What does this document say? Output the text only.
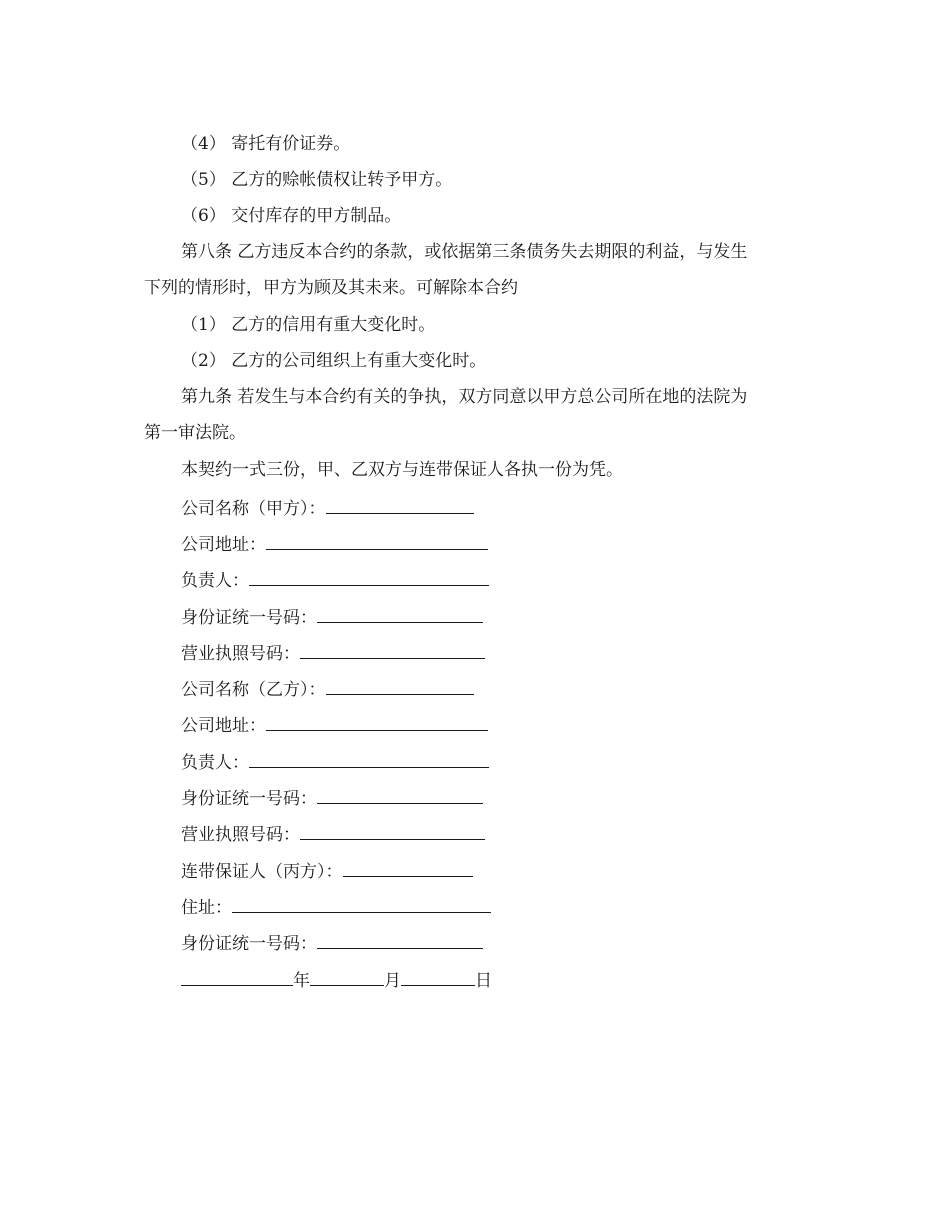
（4） 寄托有价证券。
（5） 乙方的赊帐债权让转予甲方。
（6） 交付库存的甲方制品。
第八条 乙方违反本合约的条款，或依据第三条债务失去期限的利益，与发生
下列的情形时，甲方为顾及其未来。可解除本合约
（1） 乙方的信用有重大变化时。
（2） 乙方的公司组织上有重大变化时。
第九条 若发生与本合约有关的争执，双方同意以甲方总公司所在地的法院为
第一审法院。
本契约一式三份，甲、乙双方与连带保证人各执一份为凭。
公司名称（甲方）：
公司地址：
负责人：
身份证统一号码：
营业执照号码：
公司名称（乙方）：
公司地址：
负责人：
身份证统一号码：
营业执照号码：
连带保证人（丙方）：
住址：
身份证统一号码：
年	月	日
